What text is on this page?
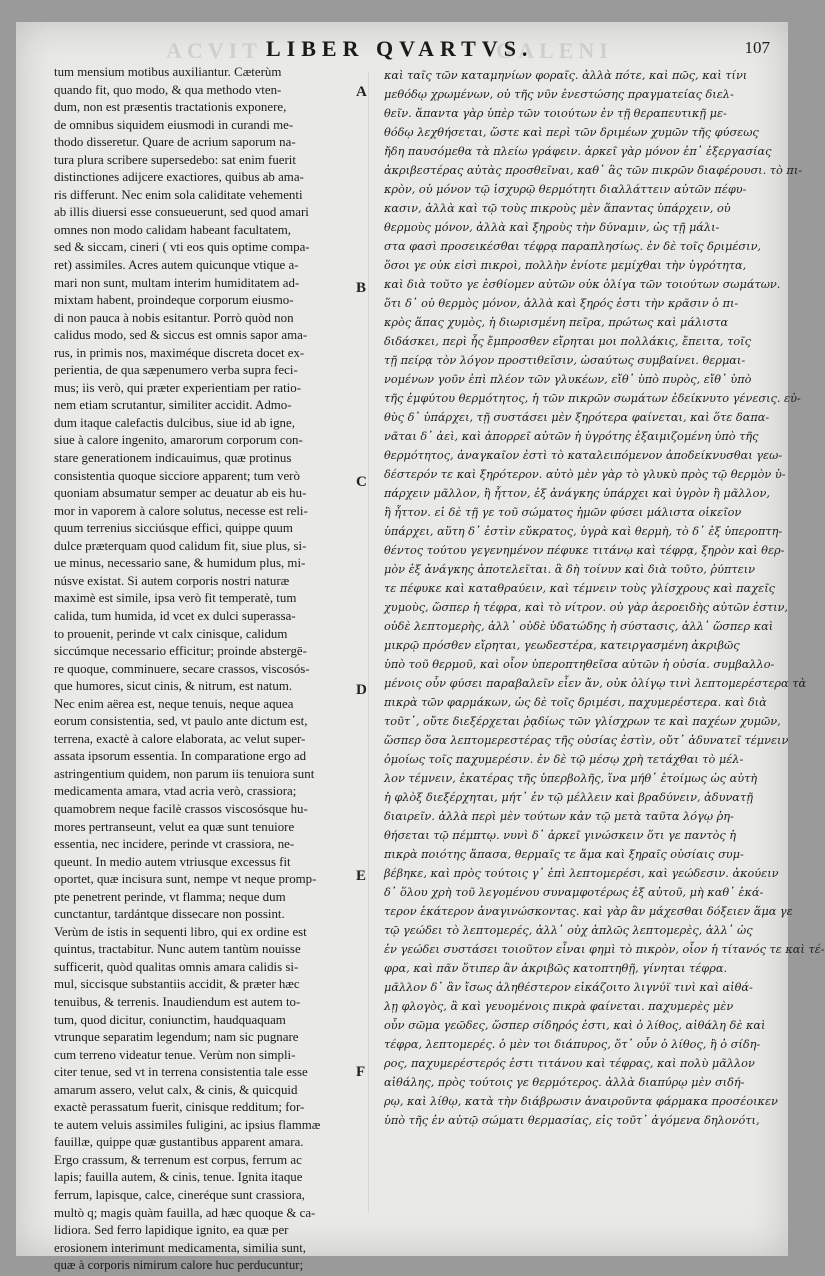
ACVIT	GALENI
LIBER QVARTVS.	107
tum mensium motibus auxiliantur. Cæterùm
quando fit, quo modo, & qua methodo vten-
dum, non est præsentis tractationis exponere,
de omnibus siquidem eiusmodi in curandi me-
thodo disseretur. Quare de acrium saporum na-
tura plura scribere supersedebo: sat enim fuerit
distinctiones adijcere exactiores, quibus ab ama-
ris differunt. Nec enim sola caliditate vehementi
ab illis diuersi esse consueuerunt, sed quod amari
omnes non modo calidam habeant facultatem,
sed & siccam, cineri ( vti eos quis optime compa-
ret) assimiles. Acres autem quicunque vtique a-
mari non sunt, multam interim humiditatem ad-
mixtam habent, proindeque corporum eiusmo-
di non pauca à nobis esitantur. Porrò quòd non
calidus modo, sed & siccus est omnis sapor ama-
rus, in primis nos, maximéque discreta docet ex-
perientia, de qua sæpenumero verba supra feci-
mus; iis verò, qui præter experientiam per ratio-
nem etiam scrutantur, similiter accidit. Admo-
dum itaque calefactis dulcibus, siue id ab igne,
siue à calore ingenito, amarorum corporum con-
stare generationem indicauimus, quæ protinus
consistentia quoque sicciore apparent; tum verò
quoniam absumatur semper ac deuatur ab eis hu-
mor in vaporem à calore solutus, necesse est reli-
quum terrenius sicciúsque effici, quippe quum
dulce præterquam quod calidum fit, siue plus, si-
ue minus, necessario sane, & humidum plus, mi-
núsve existat. Si autem corporis nostri naturæ
maximè est simile, ipsa verò fit temperatè, tum
calida, tum humida, id vcet ex dulci superassa-
to prouenit, perinde vt calx cinisque, calidum
siccúmque necessario efficitur; proinde abstergē-
re quoque, comminuere, secare crassos, viscosós-
que humores, sicut cinis, & nitrum, est natum.
Nec enim aërea est, neque tenuis, neque aquea
eorum consistentia, sed, vt paulo ante dictum est,
terrena, exactè à calore elaborata, ac velut super-
assata ipsorum essentia. In comparatione ergo ad
astringentium quidem, non parum iis tenuiora sunt
medicamenta amara, vtad acria verò, crassiora;
quamobrem neque facilè crassos viscosósque hu-
mores pertranseunt, velut ea quæ sunt tenuiore
essentia, nec incidere, perinde vt crassiora, ne-
queunt. In medio autem vtriusque excessus fit
oportet, quæ incisura sunt, nempe vt neque promp-
pte penetrent perinde, vt flamma; neque dum
cunctantur, tardántque dissecare non possint.
Verùm de istis in sequenti libro, qui ex ordine est
quintus, tractabitur. Nunc autem tantùm nouisse
sufficerit, quòd qualitas omnis amara calidis si-
mul, siccisque substantiis accidit, & præter hæc
tenuibus, & terrenis. Inaudiendum est autem to-
tum, quod dicitur, coniunctim, haudquaquam
vtrunque separatim legendum; nam sic pugnare
cum terreno videatur tenue. Verùm non simpli-
citer tenue, sed vt in terrena consistentia tale esse
amarum assero, velut calx, & cinis, & quicquid
exactè perassatum fuerit, cinisque redditum; for-
te autem veluis assimiles fuligini, ac ipsius flammæ
fauillæ, quippe quæ gustantibus apparent amara.
Ergo crassum, & terrenum est corpus, ferrum ac
lapis; fauilla autem, & cinis, tenue. Ignita itaque
ferrum, lapisque, calce, cineréque sunt crassiora,
multò q; magis quàm fauilla, ad hæc quoque & ca-
lidiora. Sed ferro lapidique ignito, ea quæ per
erosionem interimunt medicamenta, similia sunt,
quæ à corporis nimirum calore huc perducuntur;
A
B
C
D
E
F
καὶ ταῖς τῶν καταμηνίων φοραῖς. ἀλλὰ πότε, καὶ πῶς, καὶ τίνι
μεθόδῳ χρωμένων, οὐ τῆς νῦν ἐνεστώσης πραγματείας διελ-
θεῖν. ἅπαντα γὰρ ὑπὲρ τῶν τοιούτων ἐν τῇ θεραπευτικῇ με-
θόδῳ λεχθήσεται, ὥστε καὶ περὶ τῶν δριμέων χυμῶν τῆς φύσεως
ἤδη παυσόμεθα τὰ πλείω γράφειν. ἀρκεῖ γὰρ μόνον ἐπ᾽ ἐξεργασίας
ἀκριβεστέρας αὐτὰς προσθεῖναι, καθ᾽ ἃς τῶν πικρῶν διαφέρουσι. τὸ πι-
κρὸν, οὐ μόνον τῷ ἰσχυρῷ θερμότητι διαλλάττειν αὐτῶν πέφυ-
κασιν, ἀλλὰ καὶ τῷ τοὺς πικροὺς μὲν ἅπαντας ὑπάρχειν, οὐ
θερμοὺς μόνον, ἀλλὰ καὶ ξηροὺς τὴν δύναμιν, ὡς τῇ μάλι-
στα φασὶ προσεικέσθαι τέφρᾳ παραπλησίως. ἐν δὲ τοῖς δριμέσιν,
ὅσοι γε οὐκ εἰσὶ πικροὶ, πολλὴν ἐνίοτε μεμίχθαι τὴν ὑγρότητα,
καὶ διὰ τοῦτο γε ἐσθίομεν αὐτῶν οὐκ ὀλίγα τῶν τοιούτων σωμάτων.
ὅτι δ᾽ οὐ θερμὸς μόνον, ἀλλὰ καὶ ξηρός ἐστι τὴν κρᾶσιν ὁ πι-
κρὸς ἅπας χυμὸς, ἡ διωρισμένη πεῖρα, πρώτως καὶ μάλιστα
διδάσκει, περὶ ἧς ἔμπροσθεν εἴρηται μοι πολλάκις, ἔπειτα, τοῖς
τῇ πείρᾳ τὸν λόγον προστιθεῖσιν, ὡσαύτως συμβαίνει. θερμαι-
νομένων γοῦν ἐπὶ πλέον τῶν γλυκέων, εἴθ᾽ ὑπὸ πυρὸς, εἴθ᾽ ὑπὸ
τῆς ἐμφύτου θερμότητος, ἡ τῶν πικρῶν σωμάτων ἐδείκνυτο γένεσις. εὐ-
θὺς δ᾽ ὑπάρχει, τῇ συστάσει μὲν ξηρότερα φαίνεται, καὶ ὅτε δαπα-
νᾶται δ᾽ ἀεὶ, καὶ ἀπορρεῖ αὐτῶν ἡ ὑγρότης ἐξαιμιζομένη ὑπὸ τῆς
θερμότητος, ἀναγκαῖον ἐστὶ τὸ καταλειπόμενον ἀποδείκνυσθαι γεω-
δέστερόν τε καὶ ξηρότερον. αὐτὸ μὲν γὰρ τὸ γλυκὺ πρὸς τῷ θερμὸν ὑ-
πάρχειν μᾶλλον, ἢ ἧττον, ἐξ ἀνάγκης ὑπάρχει καὶ ὑγρὸν ἢ μᾶλλον,
ἢ ἧττον. εἰ δὲ τῇ γε τοῦ σώματος ἡμῶν φύσει μάλιστα οἰκεῖον
ὑπάρχει, αὕτη δ᾽ ἐστὶν εὔκρατος, ὑγρὰ καὶ θερμὴ, τὸ δ᾽ ἐξ ὑπεροπτη-
θέντος τούτου γεγενημένον πέφυκε τιτάνῳ καὶ τέφρᾳ, ξηρὸν καὶ θερ-
μὸν ἐξ ἀνάγκης ἀποτελεῖται. ἃ δὴ τοίνυν καὶ διὰ τοῦτο, ῥύπτειν
τε πέφυκε καὶ καταθραύειν, καὶ τέμνειν τοὺς γλίσχρους καὶ παχεῖς
χυμοὺς, ὥσπερ ἡ τέφρα, καὶ τὸ νίτρον. οὐ γὰρ ἀεροειδὴς αὐτῶν ἐστιν,
οὐδὲ λεπτομερὴς, ἀλλ᾽ οὐδὲ ὑδατώδης ἡ σύστασις, ἀλλ᾽ ὥσπερ καὶ
μικρῷ πρόσθεν εἴρηται, γεωδεστέρα, κατειργασμένη ἀκριβῶς
ὑπὸ τοῦ θερμοῦ, καὶ οἷον ὑπεροπτηθεῖσα αὐτῶν ἡ οὐσία. συμβαλλο-
μένοις οὖν φύσει παραβαλεῖν εἶεν ἄν, οὐκ ὀλίγῳ τινὶ λεπτομερέστερα τὰ
πικρὰ τῶν φαρμάκων, ὡς δὲ τοῖς δριμέσι, παχυμερέστερα. καὶ διὰ
τοῦτ᾽, οὔτε διεξέρχεται ῥᾳδίως τῶν γλίσχρων τε καὶ παχέων χυμῶν,
ὥσπερ ὅσα λεπτομερεστέρας τῆς οὐσίας ἐστὶν, οὔτ᾽ ἀδυνατεῖ τέμνειν
ὁμοίως τοῖς παχυμερέσιν. ἐν δὲ τῷ μέσῳ χρὴ τετάχθαι τὸ μέλ-
λον τέμνειν, ἑκατέρας τῆς ὑπερβολῆς, ἵνα μήθ᾽ ἑτοίμως ὡς αὐτὴ
ἡ φλὸξ διεξέρχηται, μήτ᾽ ἐν τῷ μέλλειν καὶ βραδύνειν, ἀδυνατῇ
διαιρεῖν. ἀλλὰ περὶ μὲν τούτων κἀν τῷ μετὰ ταῦτα λόγῳ ῥη-
θήσεται τῷ πέμπτῳ. νυνὶ δ᾽ ἀρκεῖ γινώσκειν ὅτι γε παντὸς ἡ
πικρὰ ποιότης ἅπασα, θερμαῖς τε ἅμα καὶ ξηραῖς οὐσίαις συμ-
βέβηκε, καὶ πρὸς τούτοις γ᾽ ἐπὶ λεπτομερέσι, καὶ γεώδεσιν. ἀκούειν
δ᾽ ὅλου χρὴ τοῦ λεγομένου συναμφοτέρως ἐξ αὐτοῦ, μὴ καθ᾽ ἑκά-
τερον ἑκάτερον ἀναγινώσκοντας. καὶ γὰρ ἂν μάχεσθαι δόξειεν ἅμα γε
τῷ γεώδει τὸ λεπτομερές, ἀλλ᾽ οὐχ ἁπλῶς λεπτομερὲς, ἀλλ᾽ ὡς
ἐν γεώδει συστάσει τοιοῦτον εἶναι φημὶ τὸ πικρὸν, οἷον ἡ τίτανός τε καὶ τέ-
φρα, καὶ πᾶν ὅτιπερ ἂν ἀκριβῶς κατοπτηθῇ, γίνηται τέφρα.
μᾶλλον δ᾽ ἂν ἴσως ἀληθέστερον εἰκάζοιτο λιγνύϊ τινὶ καὶ αἰθά-
λῃ φλογὸς, ἃ καὶ γευομένοις πικρὰ φαίνεται. παχυμερὲς μὲν
οὖν σῶμα γεῶδες, ὥσπερ σίδηρός ἐστι, καὶ ὁ λίθος, αἰθάλη δὲ καὶ
τέφρα, λεπτομερές. ὁ μὲν τοι διάπυρος, ὅτ᾽ οὖν ὁ λίθος, ἢ ὁ σίδη-
ρος, παχυμερέστερός ἐστι τιτάνου καὶ τέφρας, καὶ πολὺ μᾶλλον
αἰθάλης, πρὸς τούτοις γε θερμότερος. ἀλλὰ διαπύρῳ μὲν σιδή-
ρῳ, καὶ λίθῳ, κατὰ τὴν διάβρωσιν ἀναιροῦντα φάρμακα προσέοικεν
ὑπὸ τῆς ἐν αὐτῷ σώματι θερμασίας, εἰς τοῦτ᾽ ἀγόμενα δηλονότι,
